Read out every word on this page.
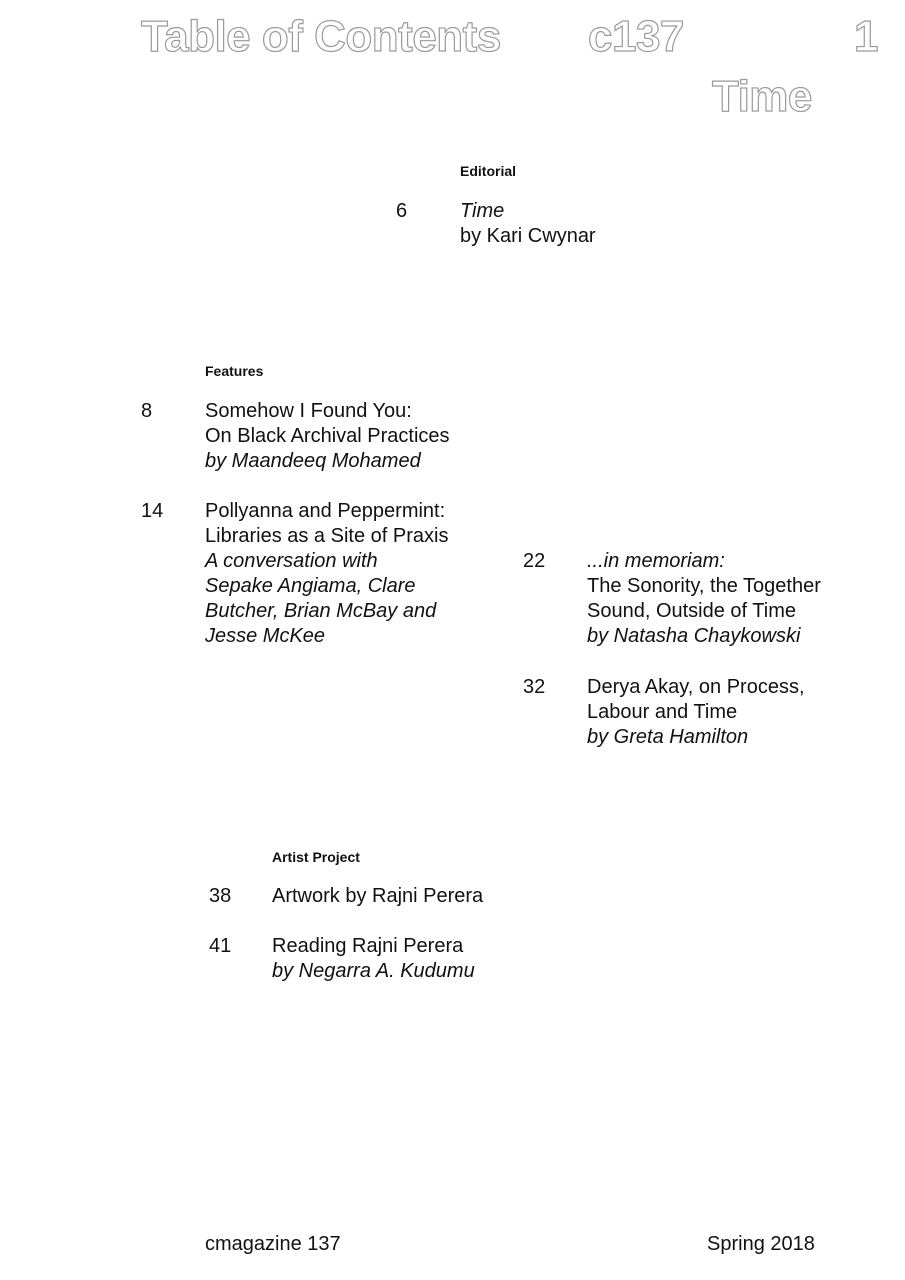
Table of Contents c137	1
Time
Editorial
6	Time
by Kari Cwynar
Features
8	Somehow I Found You:
On Black Archival Practices
by Maandeeq Mohamed
14 Pollyanna and Peppermint:
Libraries as a Site of Praxis
A conversation with
Sepake Angiama, Clare
Butcher, Brian McBay and
Jesse McKee
22 ...in memoriam:
The Sonority, the Together
Sound, Outside of Time
by Natasha Chaykowski
32 Derya Akay, on Process,
Labour and Time
by Greta Hamilton
Artist Project
38 Artwork by Rajni Perera
41 Reading Rajni Perera
by Negarra A. Kudumu
cmagazine 137	Spring 2018
